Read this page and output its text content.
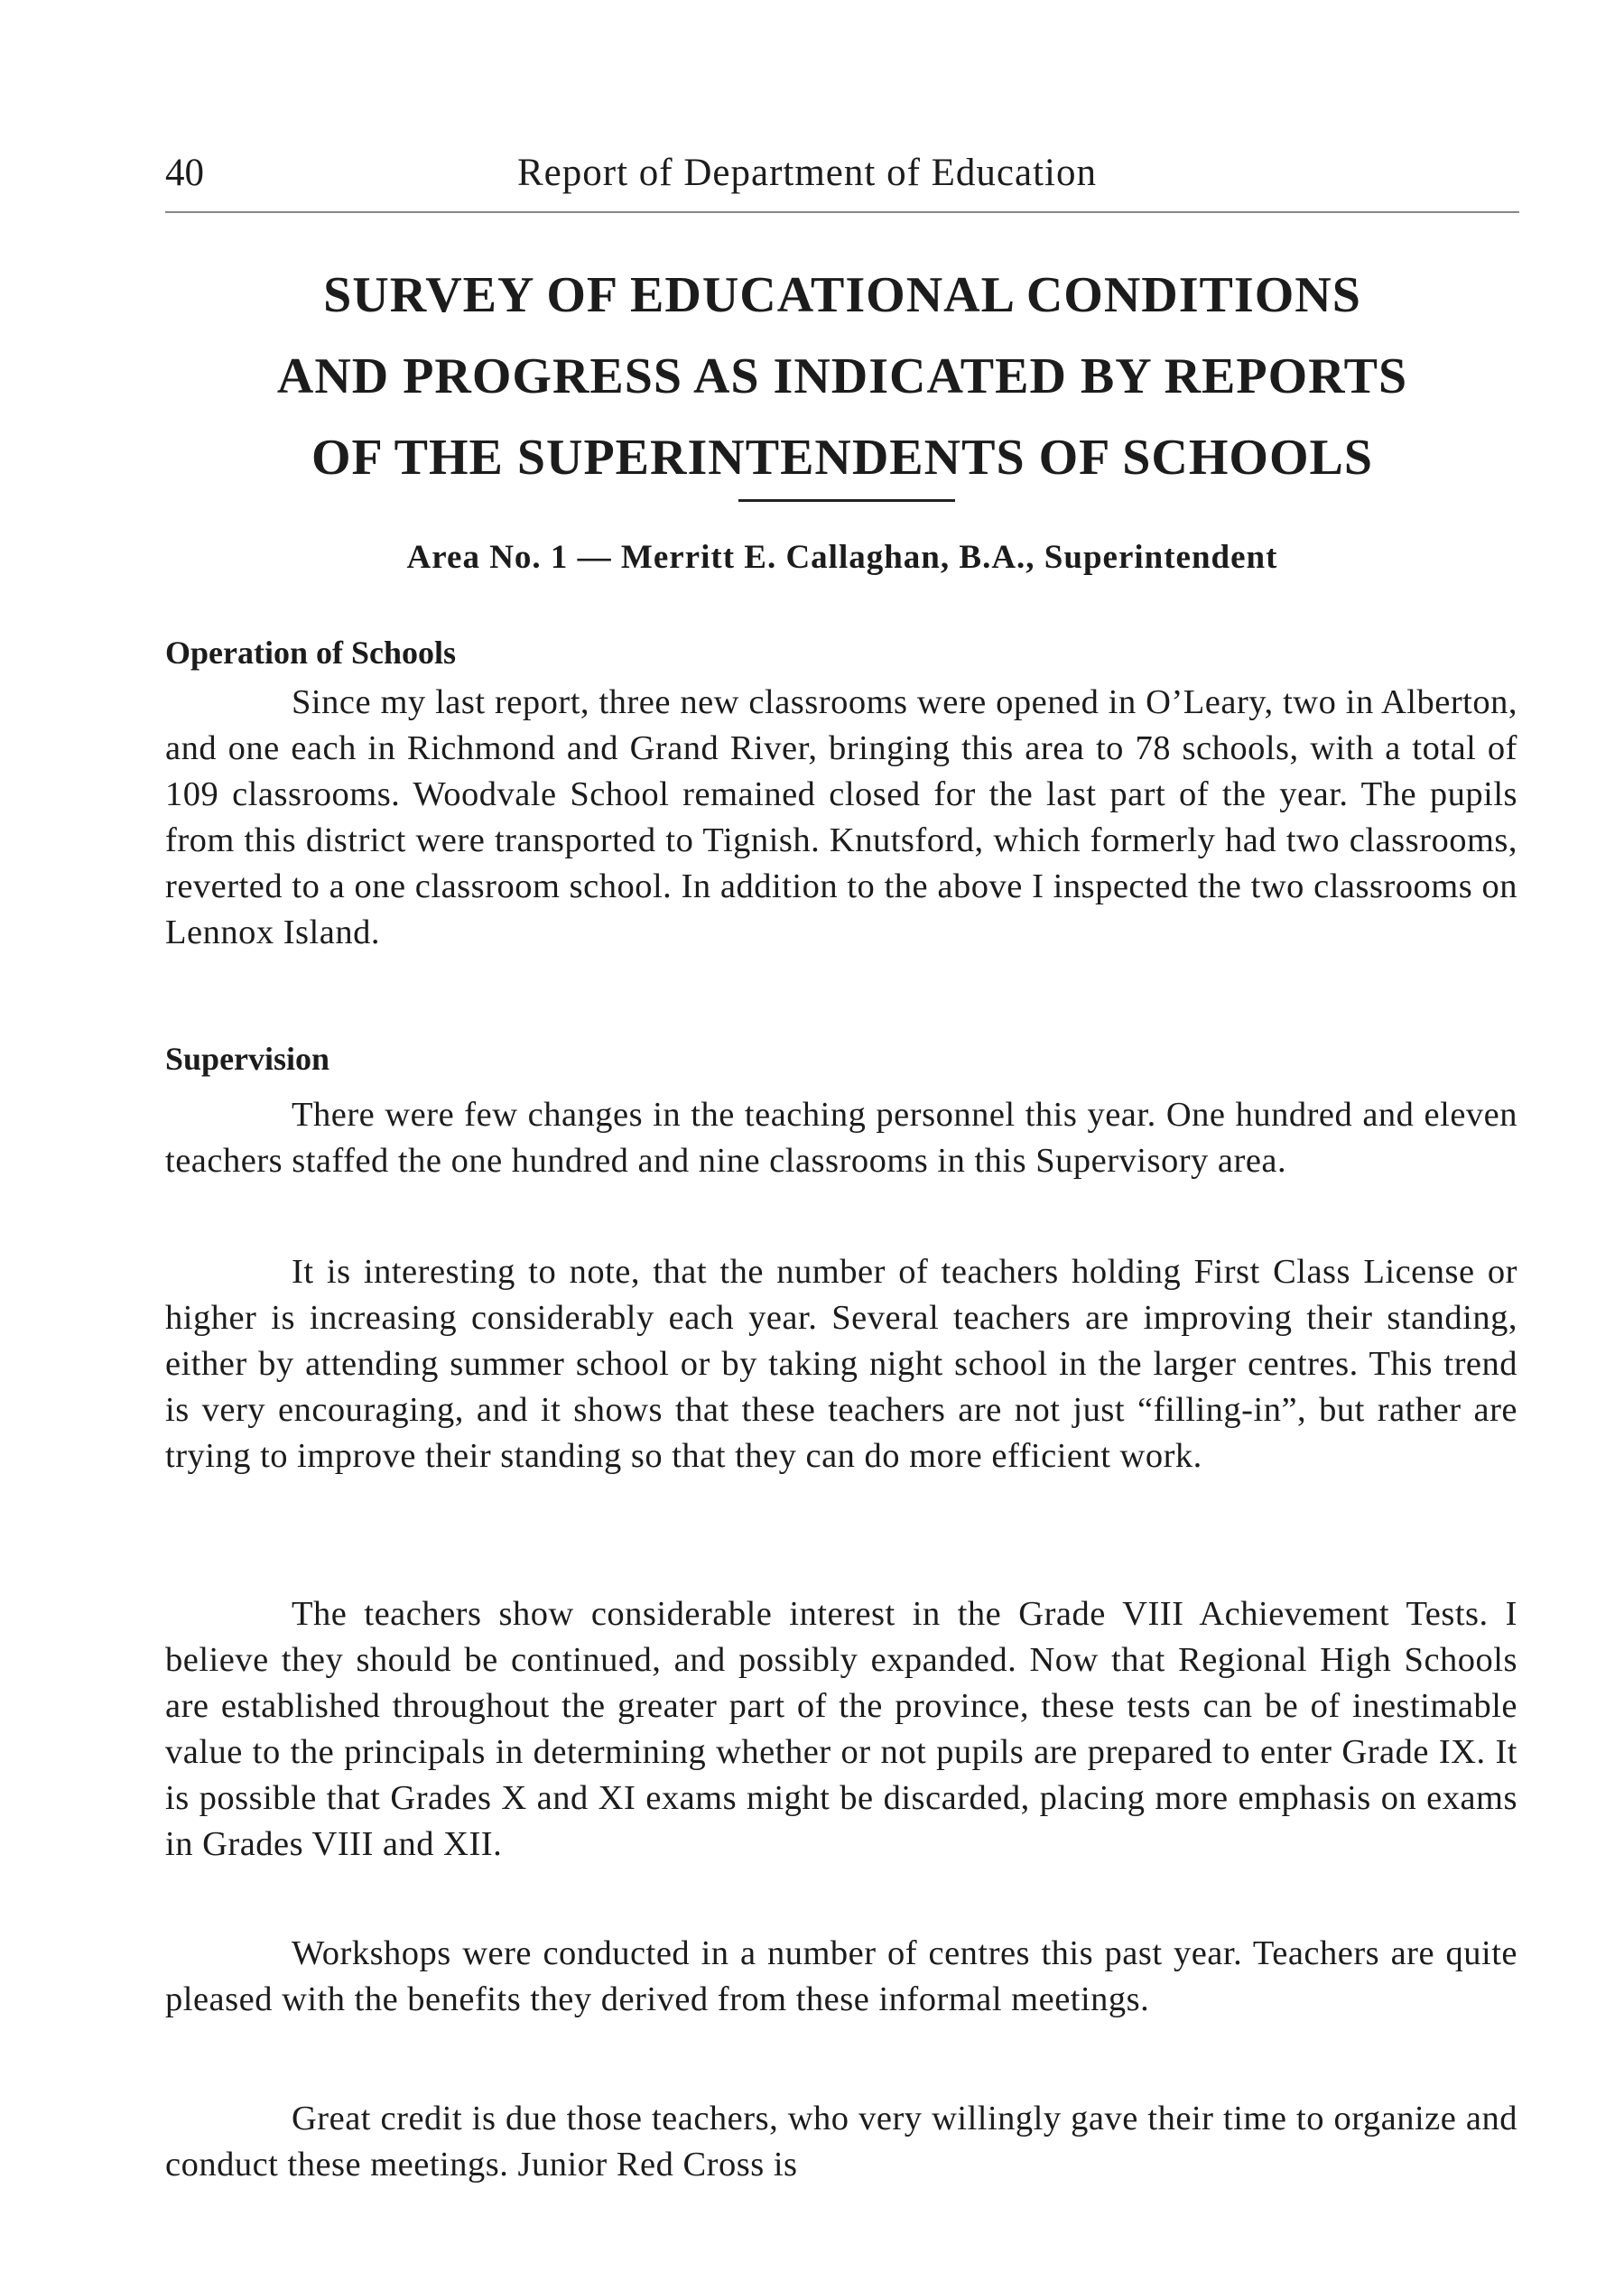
40	Report of Department of Education
SURVEY OF EDUCATIONAL CONDITIONS
AND PROGRESS AS INDICATED BY REPORTS
OF THE SUPERINTENDENTS OF SCHOOLS
Area No. 1 — Merritt E. Callaghan, B.A., Superintendent
Operation of Schools

Since my last report, three new classrooms were opened in O’Leary, two in Alberton, and one each in Richmond and Grand River, bringing this area to 78 schools, with a total of 109 classrooms. Woodvale School remained closed for the last part of the year. The pupils from this district were transported to Tignish. Knutsford, which formerly had two classrooms, reverted to a one classroom school. In addition to the above I inspected the two classrooms on Lennox Island.

Supervision

There were few changes in the teaching personnel this year. One hundred and eleven teachers staffed the one hundred and nine classrooms in this Supervisory area.

It is interesting to note, that the number of teachers holding First Class License or higher is increasing considerably each year. Several teachers are improving their standing, either by attending summer school or by taking night school in the larger centres. This trend is very encouraging, and it shows that these teachers are not just “filling-in”, but rather are trying to improve their standing so that they can do more efficient work.

The teachers show considerable interest in the Grade VIII Achievement Tests. I believe they should be continued, and possibly expanded. Now that Regional High Schools are established throughout the greater part of the province, these tests can be of inestimable value to the principals in determining whether or not pupils are prepared to enter Grade IX. It is possible that Grades X and XI exams might be discarded, placing more emphasis on exams in Grades VIII and XII.

Workshops were conducted in a number of centres this past year. Teachers are quite pleased with the benefits they derived from these informal meetings.

Great credit is due those teachers, who very willingly gave their time to organize and conduct these meetings. Junior Red Cross is
